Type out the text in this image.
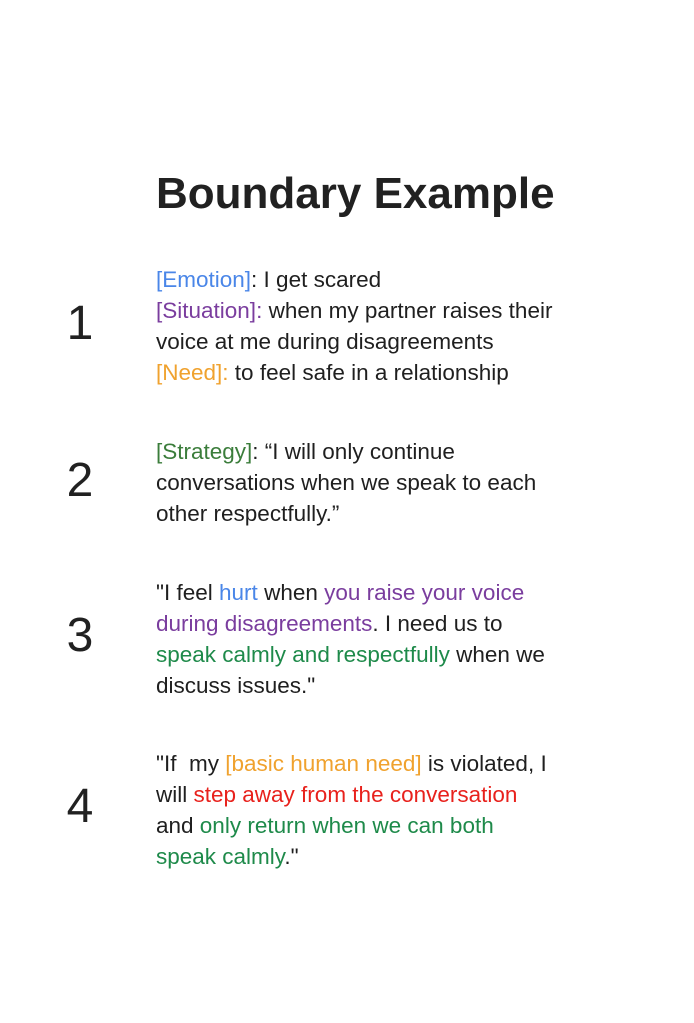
Boundary Example
1

[Emotion]: I get scared
[Situation]: when my partner raises their
voice at me during disagreements
[Need]: to feel safe in a relationship

2

[Strategy]: “I will only continue
conversations when we speak to each
other respectfully.”

3

"I feel hurt when you raise your voice
during disagreements. I need us to
speak calmly and respectfully when we
discuss issues."

4

"If  my [basic human need] is violated, I
will step away from the conversation
and only return when we can both
speak calmly."
